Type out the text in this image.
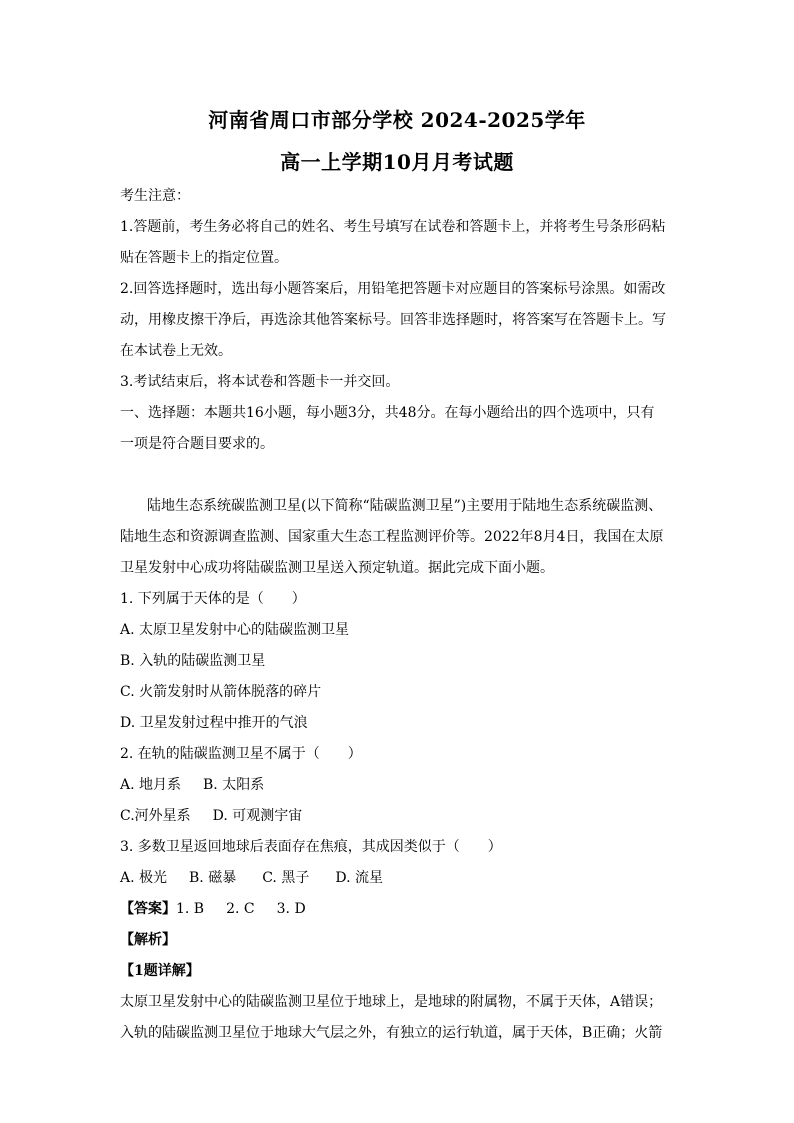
河南省周口市部分学校 2024-2025学年
高一上学期10月月考试题
考生注意：
1.答题前，考生务必将自己的姓名、考生号填写在试卷和答题卡上，并将考生号条形码粘
贴在答题卡上的指定位置。
2.回答选择题时，选出每小题答案后，用铅笔把答题卡对应题目的答案标号涂黑。如需改
动，用橡皮擦干净后，再选涂其他答案标号。回答非选择题时，将答案写在答题卡上。写
在本试卷上无效。
3.考试结束后，将本试卷和答题卡一并交回。
一、选择题：本题共16小题，每小题3分，共48分。在每小题给出的四个选项中，只有
一项是符合题目要求的。
陆地生态系统碳监测卫星(以下简称“陆碳监测卫星”)主要用于陆地生态系统碳监测、
陆地生态和资源调查监测、国家重大生态工程监测评价等。2022年8月4日，我国在太原
卫星发射中心成功将陆碳监测卫星送入预定轨道。据此完成下面小题。
1. 下列属于天体的是（　　）
A. 太原卫星发射中心的陆碳监测卫星
B. 入轨的陆碳监测卫星
C. 火箭发射时从箭体脱落的碎片
D. 卫星发射过程中推开的气浪
2. 在轨的陆碳监测卫星不属于（　　）
A. 地月系 B. 太阳系
C.河外星系 D. 可观测宇宙
3. 多数卫星返回地球后表面存在焦痕，其成因类似于（　　）
A. 极光 B. 磁暴 C. 黑子 D. 流星
【答案】1. B 2. C 3. D
【解析】
【1题详解】
太原卫星发射中心的陆碳监测卫星位于地球上，是地球的附属物，不属于天体，A错误；
入轨的陆碳监测卫星位于地球大气层之外，有独立的运行轨道，属于天体，B正确；火箭
